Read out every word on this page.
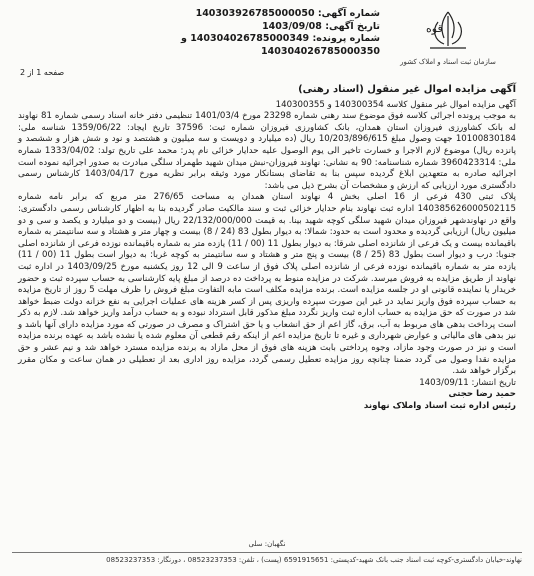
قوه
سازمان ثبت اسناد و املاک کشور
شماره آگهی: 140303926785000050
تاریخ آگهی: 1403/09/08
شماره پرونده: 140304026785000349 و
140304026785000350
صفحه 1 از 2
آگهی مزایده اموال غیر منقول (اسناد رهنی)

آگهی مزایده اموال غیر منقول کلاسه 140300354 و 140300355

به موجب پرونده اجرائی کلاسه فوق موضوع سند رهنی شماره 23298 مورخ 1401/03/4 تنظیمی دفتر خانه اسناد رسمی شماره 81 نهاوند له بانک کشاورزی فیروزان استان همدان، بانک کشاورزی فیروزان شماره ثبت: 37596 تاریخ ایجاد: 1359/06/22 شناسه ملی: 10100830184 جهت وصول مبلغ 10/203/896/615 ریال (ده میلیارد و دویست و سه میلیون و هشتصد و نود و شش هزار و ششصد و پانزده ریال) موضوع لازم الاجرا و خسارت تاخیر الی یوم الوصول علیه حدایار خزائی نام پدر: محمد علی تاریخ تولد: 1333/04/02 شماره ملی: 3960423314 شماره شناسنامه: 90 به نشانی: نهاوند فیروزان-نبش میدان شهید طهمراد سلگی مبادرت به صدور اجرائیه نموده است اجرائیه صادره به متعهدین ابلاغ گردیده سپس بنا به تقاضای بستانکار مورد وثیقه برابر نظریه مورخ 1403/04/17 کارشناس رسمی دادگستری مورد ارزیابی که ارزش و مشخصات آن بشرح ذیل می باشد:

پلاک ثبتی 430 فرعی از 16 اصلی بخش 4 نهاوند استان همدان به مساحت 276/65 متر مربع که برابر نامه شماره 140385626000502115 اداره ثبت نهاوند بنام حدایار خزائی ثبت و سند مالکیت صادر گردیده بنا به اظهار کارشناس رسمی دادگستری: واقع در نهاوندشهر فیروزان میدان شهید سلگی کوچه شهید بینا. به قیمت 22/132/000/000 ریال (بیست و دو میلیارد و یکصد و سی و دو میلیون ریال) ارزیابی گردیده و محدود است به حدود: شمالا: به دیوار بطول 83 (24 / 8) بیست و چهار متر و هشتاد و سه سانتیمتر به شماره باقیمانده بیست و یک فرعی از شانزده اصلی شرقا: به دیوار بطول 11 (00 / 11) یازده متر به شماره باقیمانده نوزده فرعی از شانزده اصلی جنوبا: درب و دیوار است بطول 83 (25 / 8) بیست و پنج متر و هشتاد و سه سانتیمتر به کوچه غربا: به دیوار است بطول 11 (00 / 11) یازده متر به شماره باقیمانده نوزده فرعی از شانزده اصلی پلاک فوق از ساعت 9 الی 12 روز یکشنبه مورخ 1403/09/25 در اداره ثبت نهاوند از طریق مزایده به فروش میرسد. شرکت در مزایده منوط به پرداخت ده درصد از مبلغ پایه کارشناسی به حساب سپرده ثبت و حضور خریدار یا نماینده قانونی او در جلسه مزایده است. برنده مزایده مکلف است مابه التفاوت مبلغ فروش را ظرف مهلت 5 روز از تاریخ مزایده به حساب سپرده فوق واریز نماید در غیر این صورت سپرده واریزی پس از کسر هزینه های عملیات اجرایی به نفع خزانه دولت ضبط خواهد شد در صورت که حق مزایده به حساب اداره ثبت واریز نگردد مبلغ مذکور قابل استرداد نبوده و به حساب درآمد واریز خواهد شد. لازم به ذکر است پرداخت بدهی های مربوط به آب، برق، گاز اعم از حق انشعاب و یا حق اشتراک و مصرف در صورتی که مورد مزایده دارای آنها باشد و نیز بدهی های مالیاتی و عوارض شهرداری و غیره تا تاریخ مزایده اعم از اینکه رقم قطعی آن معلوم شده یا نشده باشد به عهده برنده مزایده است و نیز در صورت وجود مازاد، وجوه پرداختی بابت هزینه های فوق از محل مازاد به برنده مزایده مسترد خواهد شد و نیم عشر و حق مزایده نقدا وصول می گردد ضمنا چنانچه روز مزایده تعطیل رسمی گردد، مزایده روز اداری بعد از تعطیلی در همان ساعت و مکان مقرر برگزار خواهد شد.

تاریخ انتشار: 1403/09/11

حمید رضا حجتی

رئیس اداره ثبت اسناد واملاک نهاوند

نگهبان: سلی
نهاوند-خیابان دادگستری-کوچه ثبت اسناد جنب بانک شهید-کدپستی: 6591915651 (پست) ، تلفن: 08523237353 ، دورنگار: 08523237353
